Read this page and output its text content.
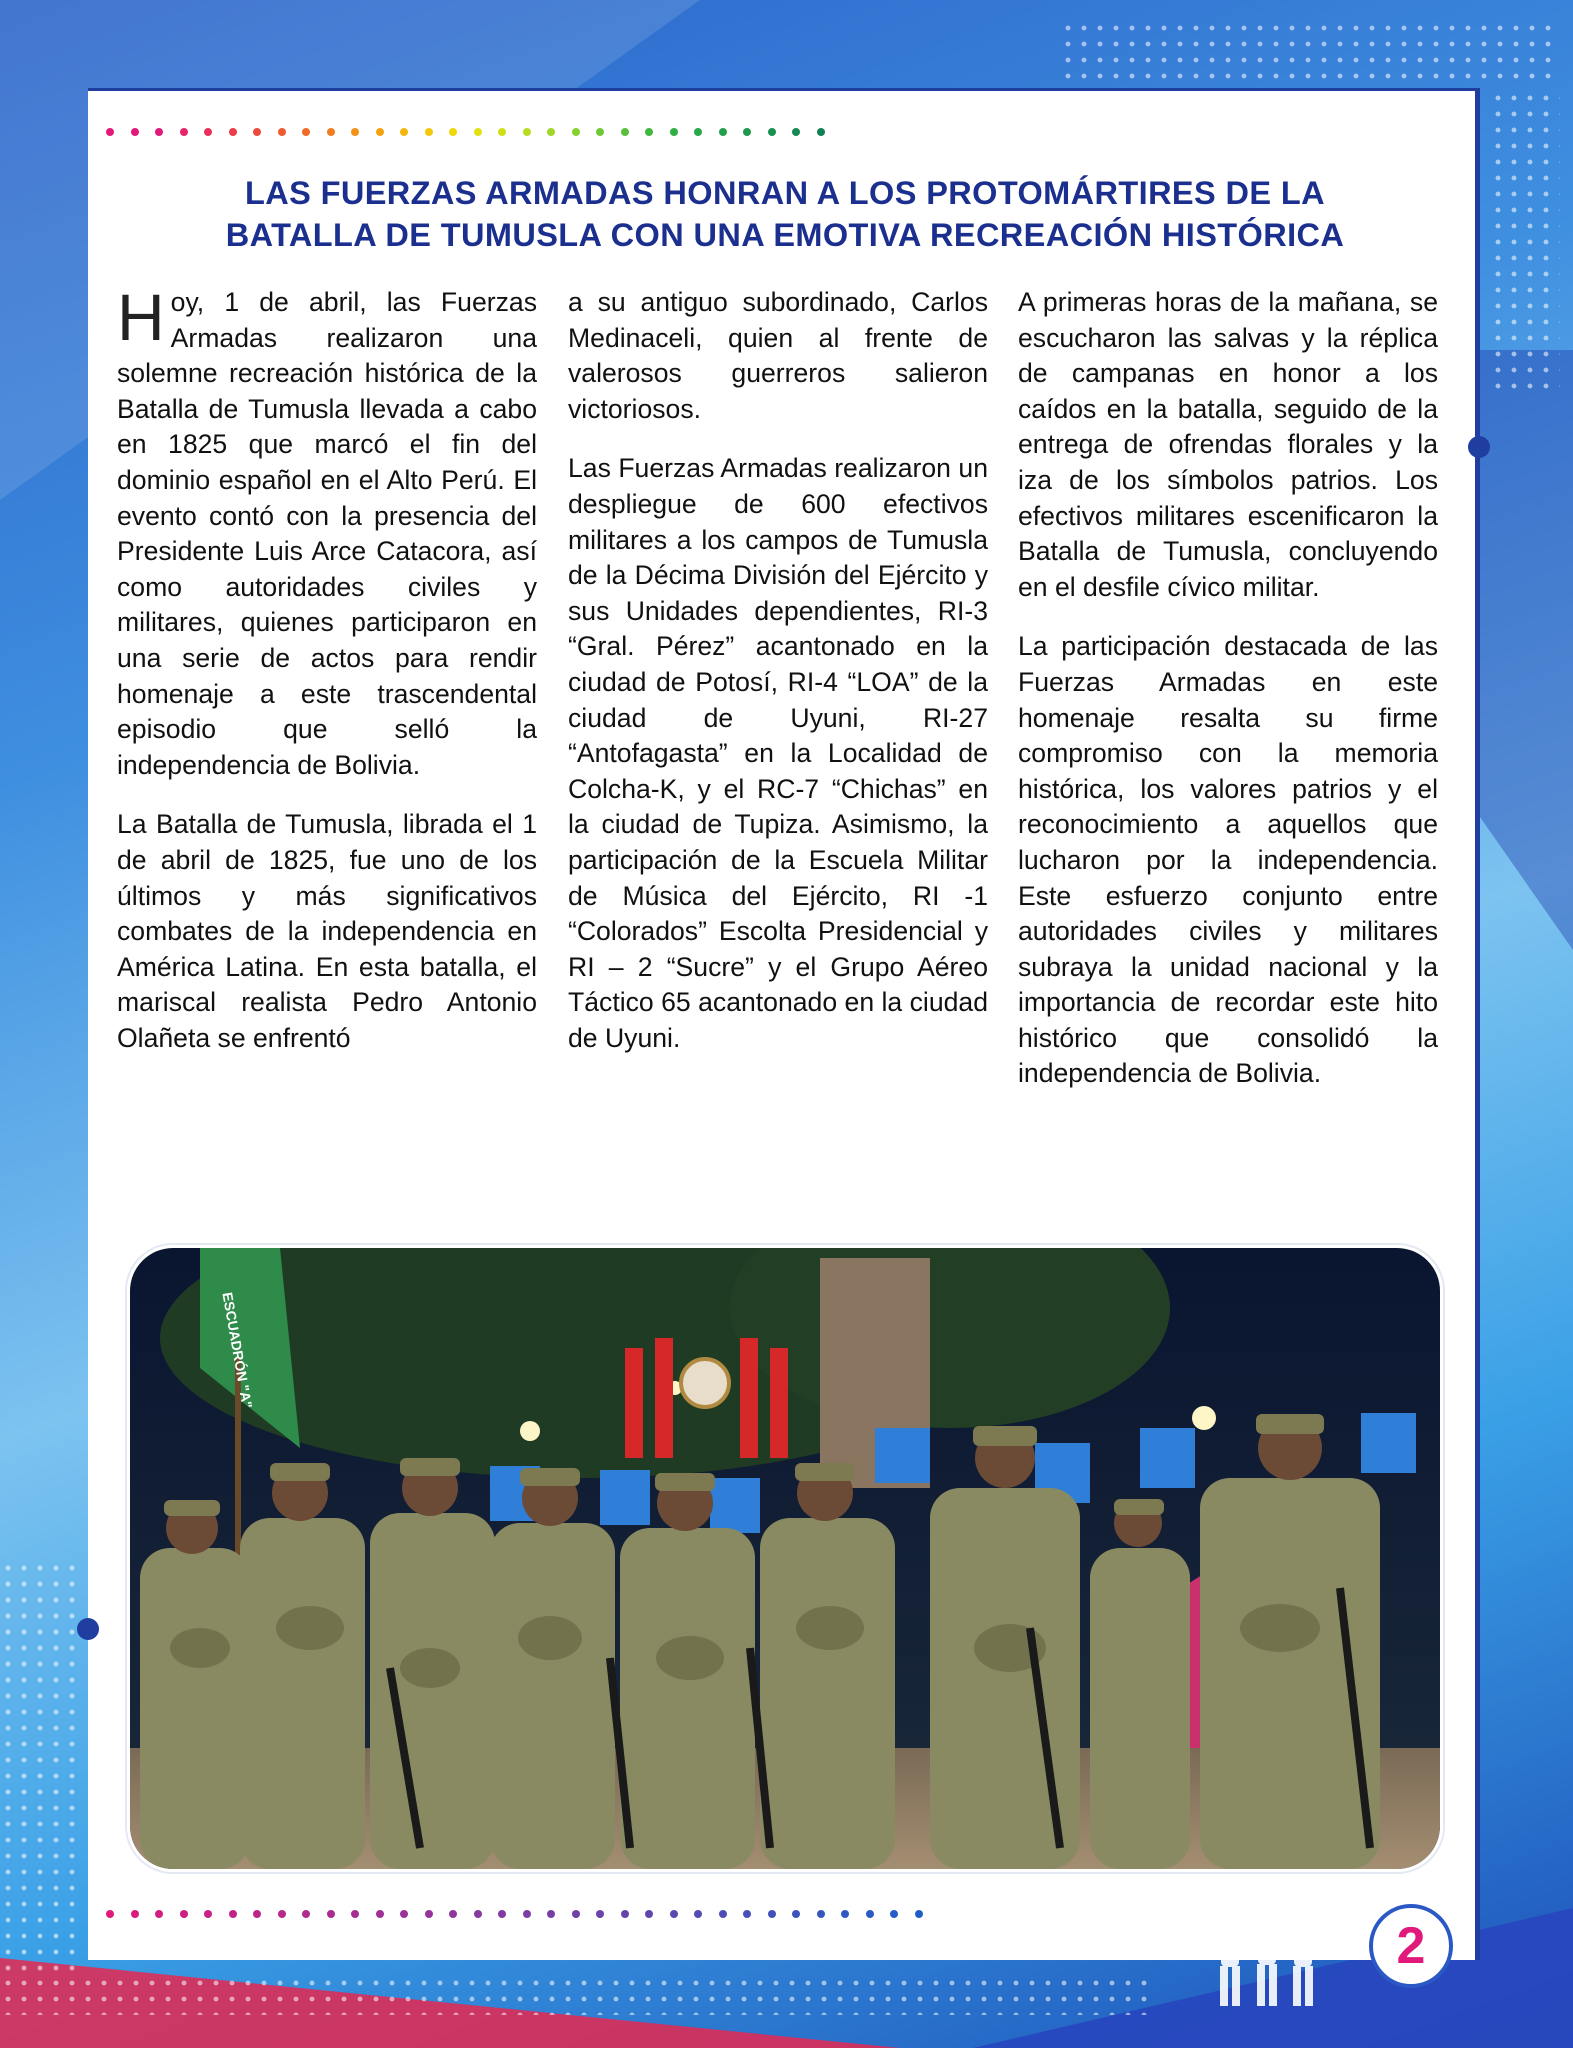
LAS FUERZAS ARMADAS HONRAN A LOS PROTOMÁRTIRES DE LA
BATALLA DE TUMUSLA CON UNA EMOTIVA RECREACIÓN HISTÓRICA

Hoy, 1 de abril, las Fuerzas Armadas realizaron una solemne recreación histórica de la Batalla de Tumusla llevada a cabo en 1825 que marcó el fin del dominio español en el Alto Perú. El evento contó con la presencia del Presidente Luis Arce Catacora, así como autoridades civiles y militares, quienes participaron en una serie de actos para rendir homenaje a este trascendental episodio que selló la independencia de Bolivia.

La Batalla de Tumusla, librada el 1 de abril de 1825, fue uno de los últimos y más significativos combates de la independencia en América Latina. En esta batalla, el mariscal realista Pedro Antonio Olañeta se enfrentó

a su antiguo subordinado, Carlos Medinaceli, quien al frente de valerosos guerreros salieron victoriosos.

Las Fuerzas Armadas realizaron un despliegue de 600 efectivos militares a los campos de Tumusla de la Décima División del Ejército y sus Unidades dependientes, RI-3 “Gral. Pérez” acantonado en la ciudad de Potosí, RI-4 “LOA” de la ciudad de Uyuni, RI-27 “Antofagasta” en la Localidad de Colcha-K, y el RC-7 “Chichas” en la ciudad de Tupiza. Asimismo, la participación de la Escuela Militar de Música del Ejército, RI -1 “Colorados” Escolta Presidencial y RI – 2 “Sucre” y el Grupo Aéreo Táctico 65 acantonado en la ciudad de Uyuni.

A primeras horas de la mañana, se escucharon las salvas y la réplica de campanas en honor a los caídos en la batalla, seguido de la entrega de ofrendas florales y la iza de los símbolos patrios. Los efectivos militares escenificaron la Batalla de Tumusla, concluyendo en el desfile cívico militar.

La participación destacada de las Fuerzas Armadas en este homenaje resalta su firme compromiso con la memoria histórica, los valores patrios y el reconocimiento a aquellos que lucharon por la independencia. Este esfuerzo conjunto entre autoridades civiles y militares subraya la unidad nacional y la importancia de recordar este hito histórico que consolidó la independencia de Bolivia.

ESCUADRÓN "A"
2
